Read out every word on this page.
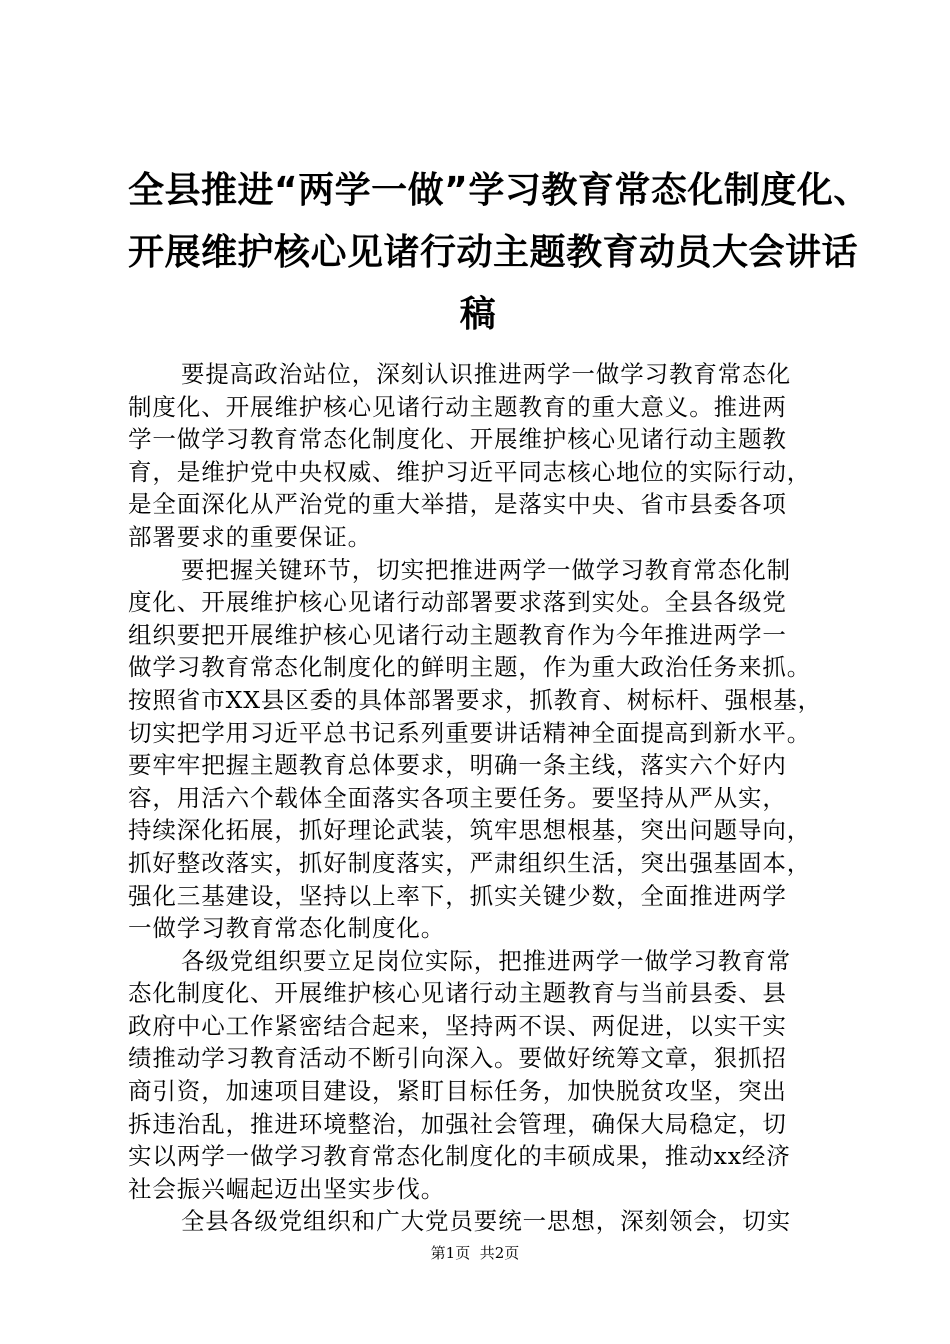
全县推进“两学一做”学习教育常态化制度化、
开展维护核心见诸行动主题教育动员大会讲话
稿

要提高政治站位，深刻认识推进两学一做学习教育常态化
制度化、开展维护核心见诸行动主题教育的重大意义。推进两
学一做学习教育常态化制度化、开展维护核心见诸行动主题教
育，是维护党中央权威、维护习近平同志核心地位的实际行动，
是全面深化从严治党的重大举措，是落实中央、省市县委各项
部署要求的重要保证。

要把握关键环节，切实把推进两学一做学习教育常态化制
度化、开展维护核心见诸行动部署要求落到实处。全县各级党
组织要把开展维护核心见诸行动主题教育作为今年推进两学一
做学习教育常态化制度化的鲜明主题，作为重大政治任务来抓。
按照省市XX县区委的具体部署要求，抓教育、树标杆、强根基，
切实把学用习近平总书记系列重要讲话精神全面提高到新水平。
要牢牢把握主题教育总体要求，明确一条主线，落实六个好内
容，用活六个载体全面落实各项主要任务。要坚持从严从实，
持续深化拓展，抓好理论武装，筑牢思想根基，突出问题导向，
抓好整改落实，抓好制度落实，严肃组织生活，突出强基固本，
强化三基建设，坚持以上率下，抓实关键少数，全面推进两学
一做学习教育常态化制度化。

各级党组织要立足岗位实际，把推进两学一做学习教育常
态化制度化、开展维护核心见诸行动主题教育与当前县委、县
政府中心工作紧密结合起来，坚持两不误、两促进，以实干实
绩推动学习教育活动不断引向深入。要做好统筹文章，狠抓招
商引资，加速项目建设，紧盯目标任务，加快脱贫攻坚，突出
拆违治乱，推进环境整治，加强社会管理，确保大局稳定，切
实以两学一做学习教育常态化制度化的丰硕成果，推动xx经济
社会振兴崛起迈出坚实步伐。

全县各级党组织和广大党员要统一思想，深刻领会，切实

第1页 共2页
